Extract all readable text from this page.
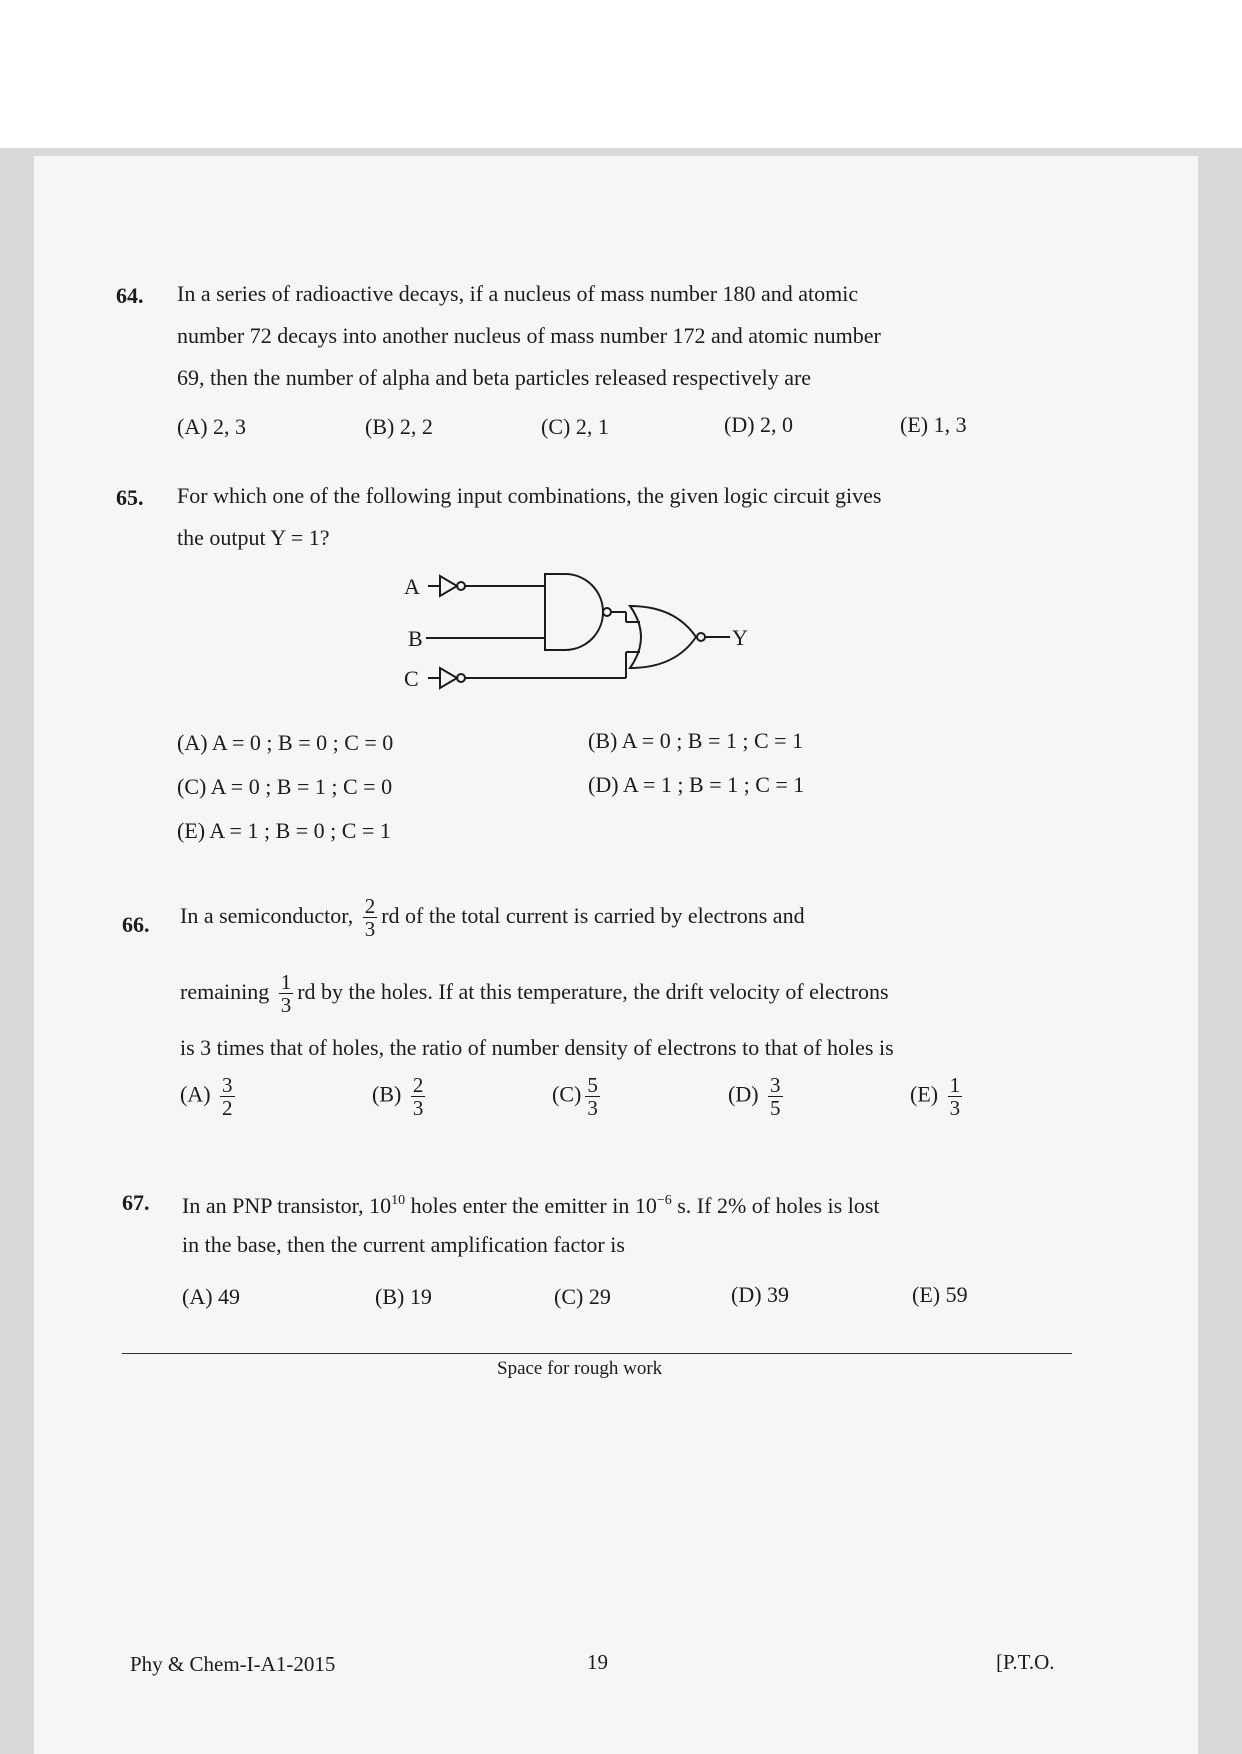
64. In a series of radioactive decays, if a nucleus of mass number 180 and atomic
number 72 decays into another nucleus of mass number 172 and atomic number
69, then the number of alpha and beta particles released respectively are
(A) 2, 3	(B) 2, 2	(C) 2, 1	(D) 2, 0	(E) 1, 3
65. For which one of the following input combinations, the given logic circuit gives
the output Y = 1?
A
B
C
Y
(A) A = 0 ; B = 0 ; C = 0	(B) A = 0 ; B = 1 ; C = 1
(C) A = 0 ; B = 1 ; C = 0	(D) A = 1 ; B = 1 ; C = 1
(E) A = 1 ; B = 0 ; C = 1
66. In a semiconductor, $\frac{2}{3}$ rd of the total current is carried by electrons and
remaining $\frac{1}{3}$ rd by the holes. If at this temperature, the drift velocity of electrons
is 3 times that of holes, the ratio of number density of electrons to that of holes is
$(A) \frac{3}{2}$	$(B) \frac{2}{3}$	$(C) \frac{5}{3}$	$(D) \frac{3}{5}$	$(E) \frac{1}{3}$
67. In an PNP transistor, $10^{10}$ holes enter the emitter in $10^{-6}$ s. If 2% of holes is lost
in the base, then the current amplification factor is
(A) 49	(B) 19	(C) 29	(D) 39	(E) 59
Space for rough work
Phy & Chem-I-A1-2015	19	[P.T.O.
